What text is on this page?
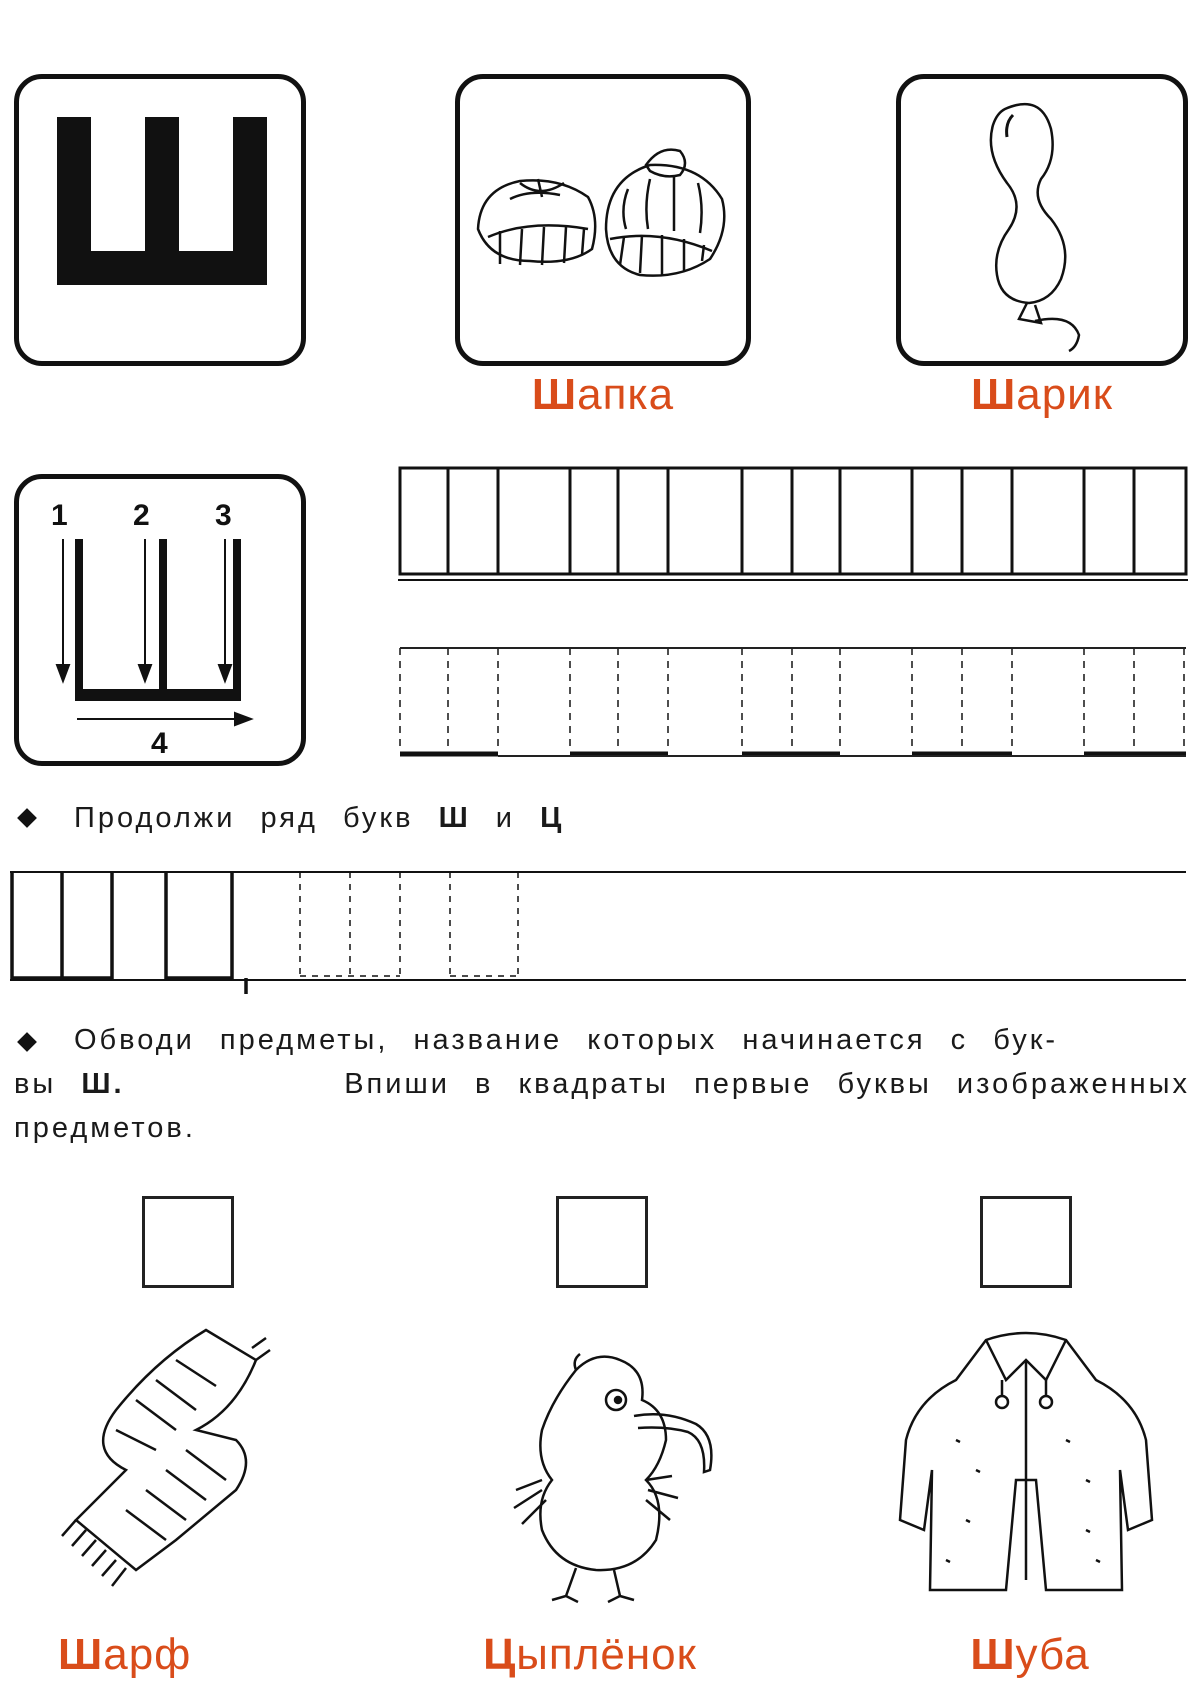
Шапка	Шарик
1 2 3
4
Продолжи ряд букв Ш и Ц
Обводи предметы, название которых начинается с бук-
вы Ш.	Впиши в квадраты первые буквы изображенных
предметов.
Шарф	Цыплёнок	Шуба
